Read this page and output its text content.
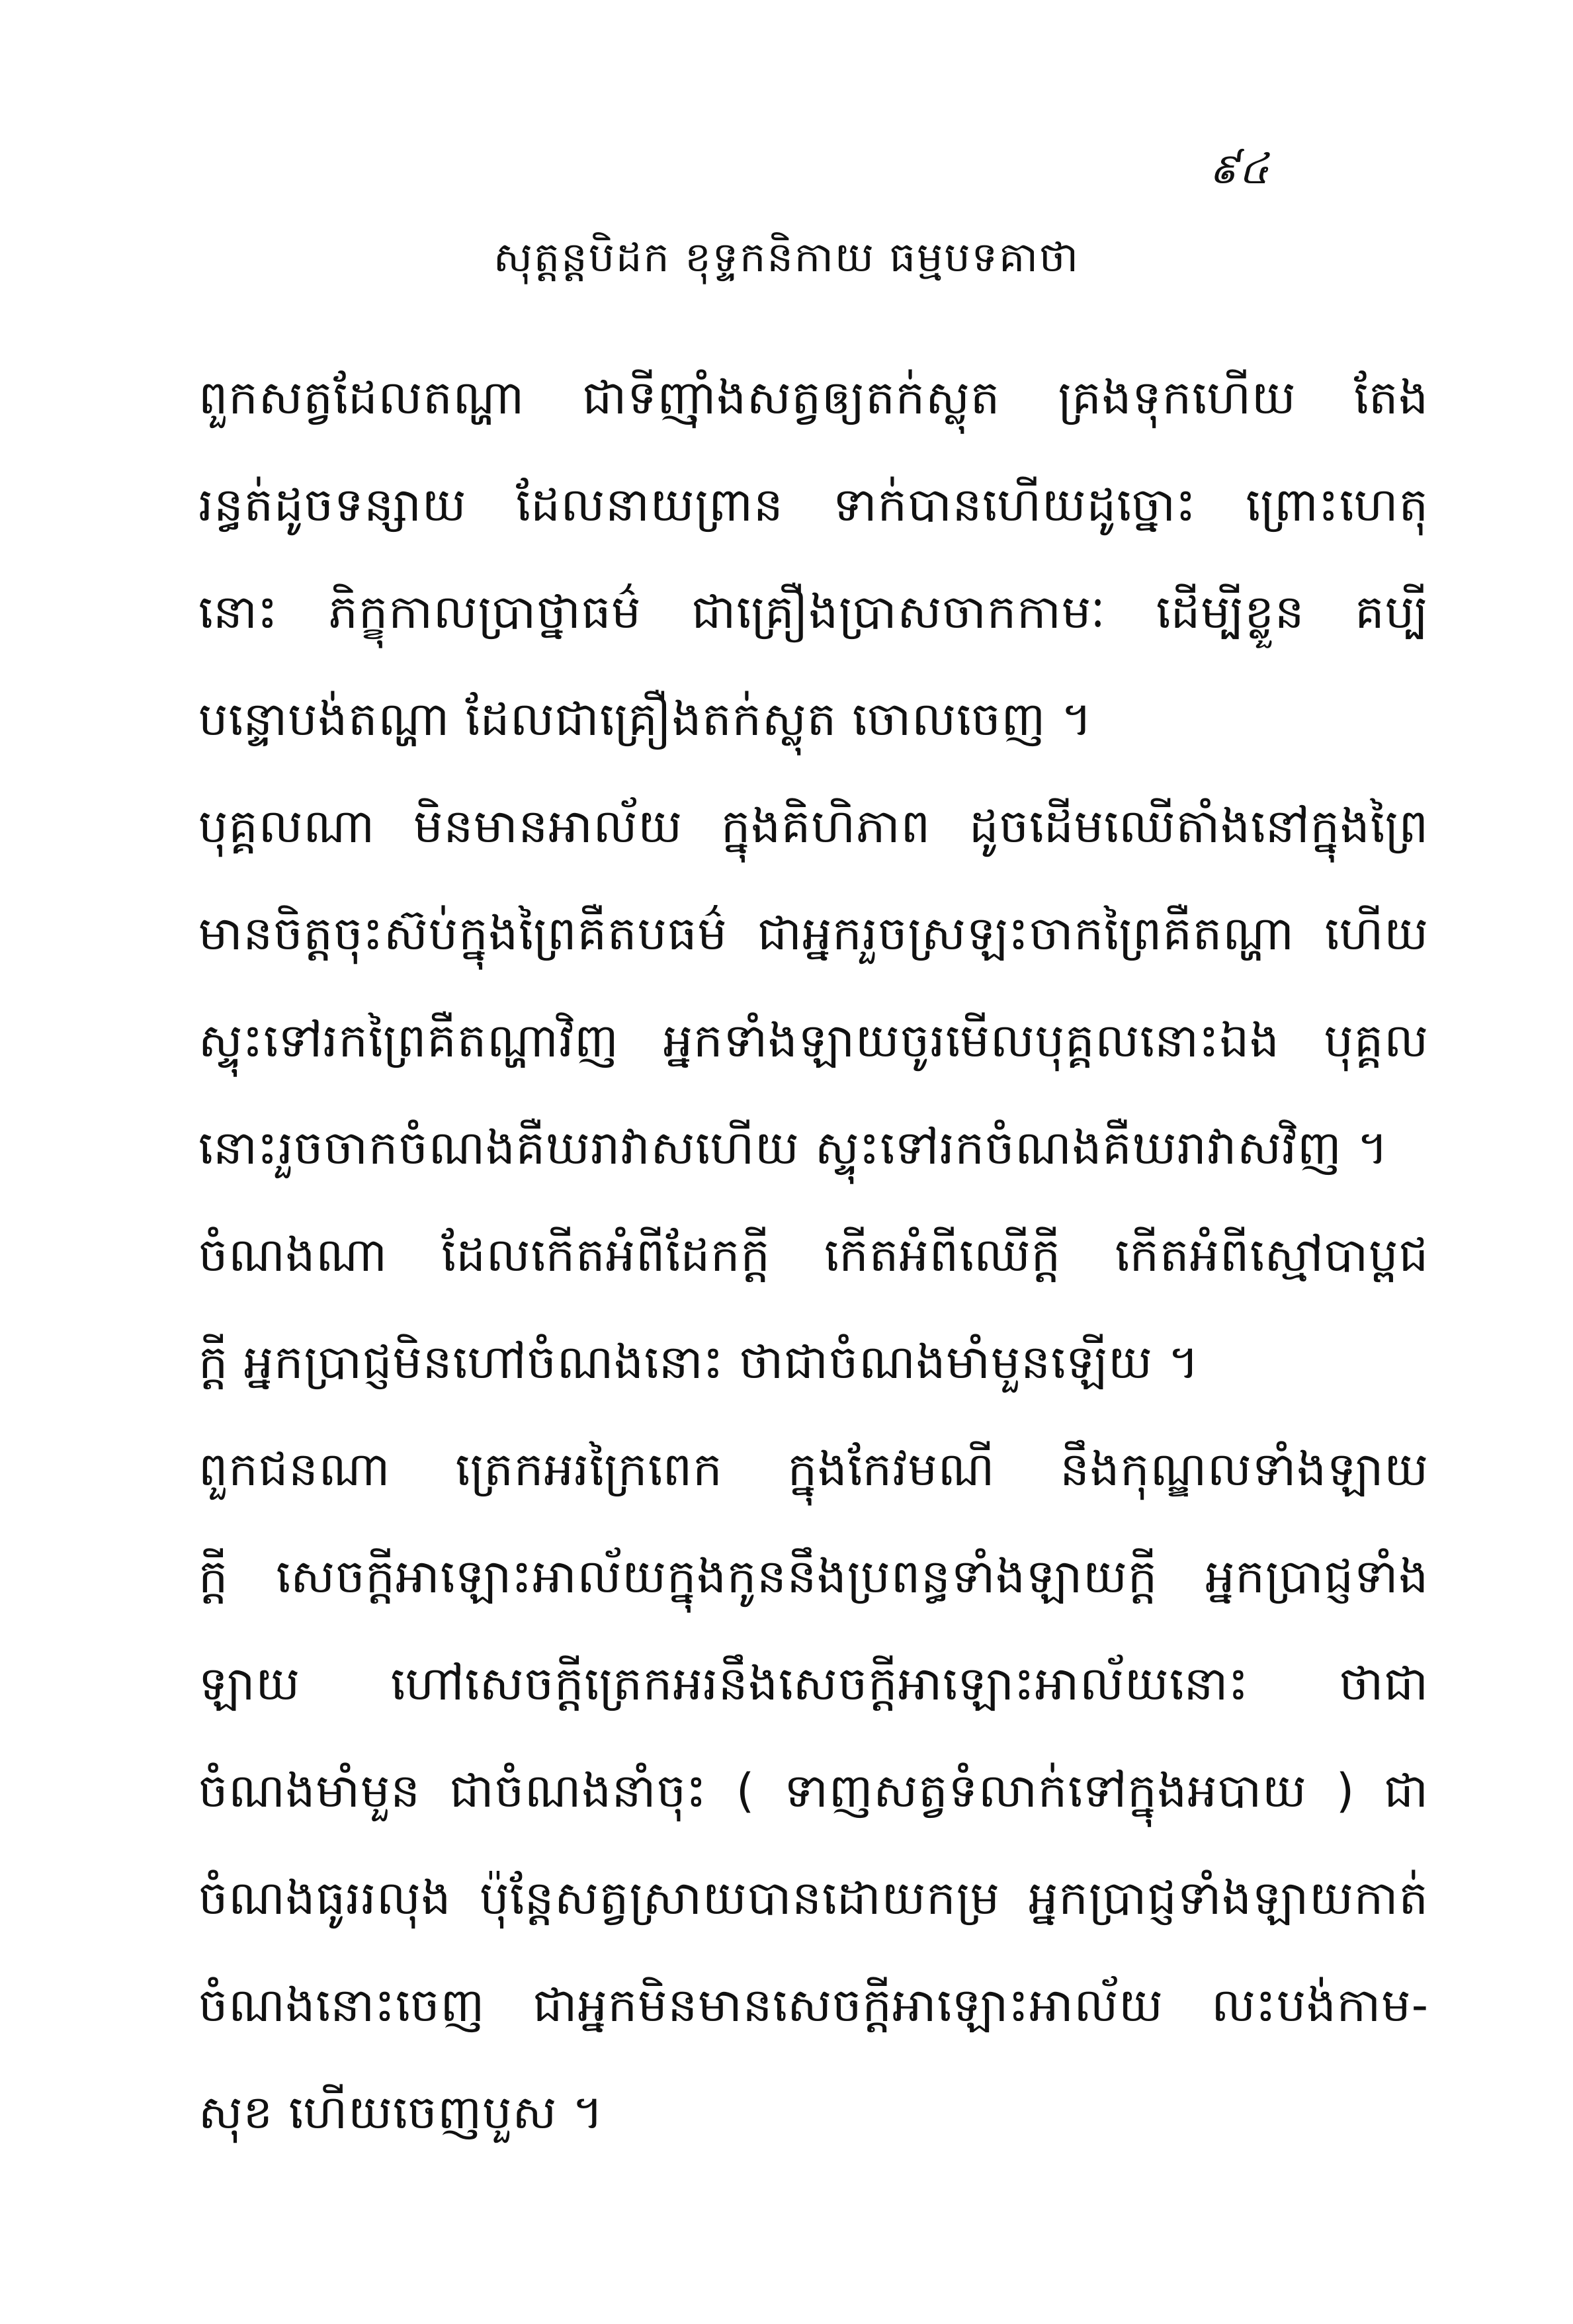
៩៤
សុត្តន្តបិដក ខុទ្ទកនិកាយ ធម្មបទគាថា
ពួកសត្វដែលតណ្ហា ជាទីញ៉ាំងសត្វឲ្យតក់ស្លុត គ្រងទុកហើយ តែង
រន្ធត់ដូចទន្សាយ ដែលនាយព្រាន ទាក់បានហើយដូច្នោះ ព្រោះហេតុ
នោះ ភិក្ខុកាលប្រាថ្នាធម៌ ជាគ្រឿងប្រាសចាកកាមៈ ដើម្បីខ្លួន គប្បី
បន្ទោបង់តណ្ហា ដែលជាគ្រឿងតក់ស្លុត ចោលចេញ ។
បុគ្គលណា មិនមានអាល័យ ក្នុងគិហិភាព ដូចដើមឈើតាំងនៅក្នុងព្រៃ
មានចិត្តចុះស៊ប់ក្នុងព្រៃគឺតបធម៌ ជាអ្នករួចស្រឡះចាកព្រៃគឺតណ្ហា ហើយ
ស្ទុះទៅរកព្រៃគឺតណ្ហាវិញ អ្នកទាំងឡាយចូរមើលបុគ្គលនោះឯង បុគ្គល
នោះរួចចាកចំណងគឺឃរាវាសហើយ ស្ទុះទៅរកចំណងគឺឃរាវាសវិញ ។
ចំណងណា ដែលកើតអំពីដែកក្តី កើតអំពីឈើក្តី កើតអំពីស្មៅបាប្ពជ
ក្តី អ្នកប្រាជ្ញមិនហៅចំណងនោះ ថាជាចំណងមាំមួនឡើយ ។
ពួកជនណា ត្រេកអរក្រៃពេក ក្នុងកែវមណី នឹងកុណ្ឌលទាំងឡាយ
ក្តី សេចក្តីអាឡោះអាល័យក្នុងកូននឹងប្រពន្ធទាំងឡាយក្តី អ្នកប្រាជ្ញទាំង
ឡាយ ហៅសេចក្តីត្រេកអរនឹងសេចក្តីអាឡោះអាល័យនោះ ថាជា
ចំណងមាំមួន ជាចំណងនាំចុះ ( ទាញសត្វទំលាក់ទៅក្នុងអបាយ ) ជា
ចំណងធូររលុង ប៉ុន្តែសត្វស្រាយបានដោយកម្រ អ្នកប្រាជ្ញទាំងឡាយកាត់
ចំណងនោះចេញ ជាអ្នកមិនមានសេចក្តីអាឡោះអាល័យ លះបង់កាម-
សុខ ហើយចេញបួស ។
